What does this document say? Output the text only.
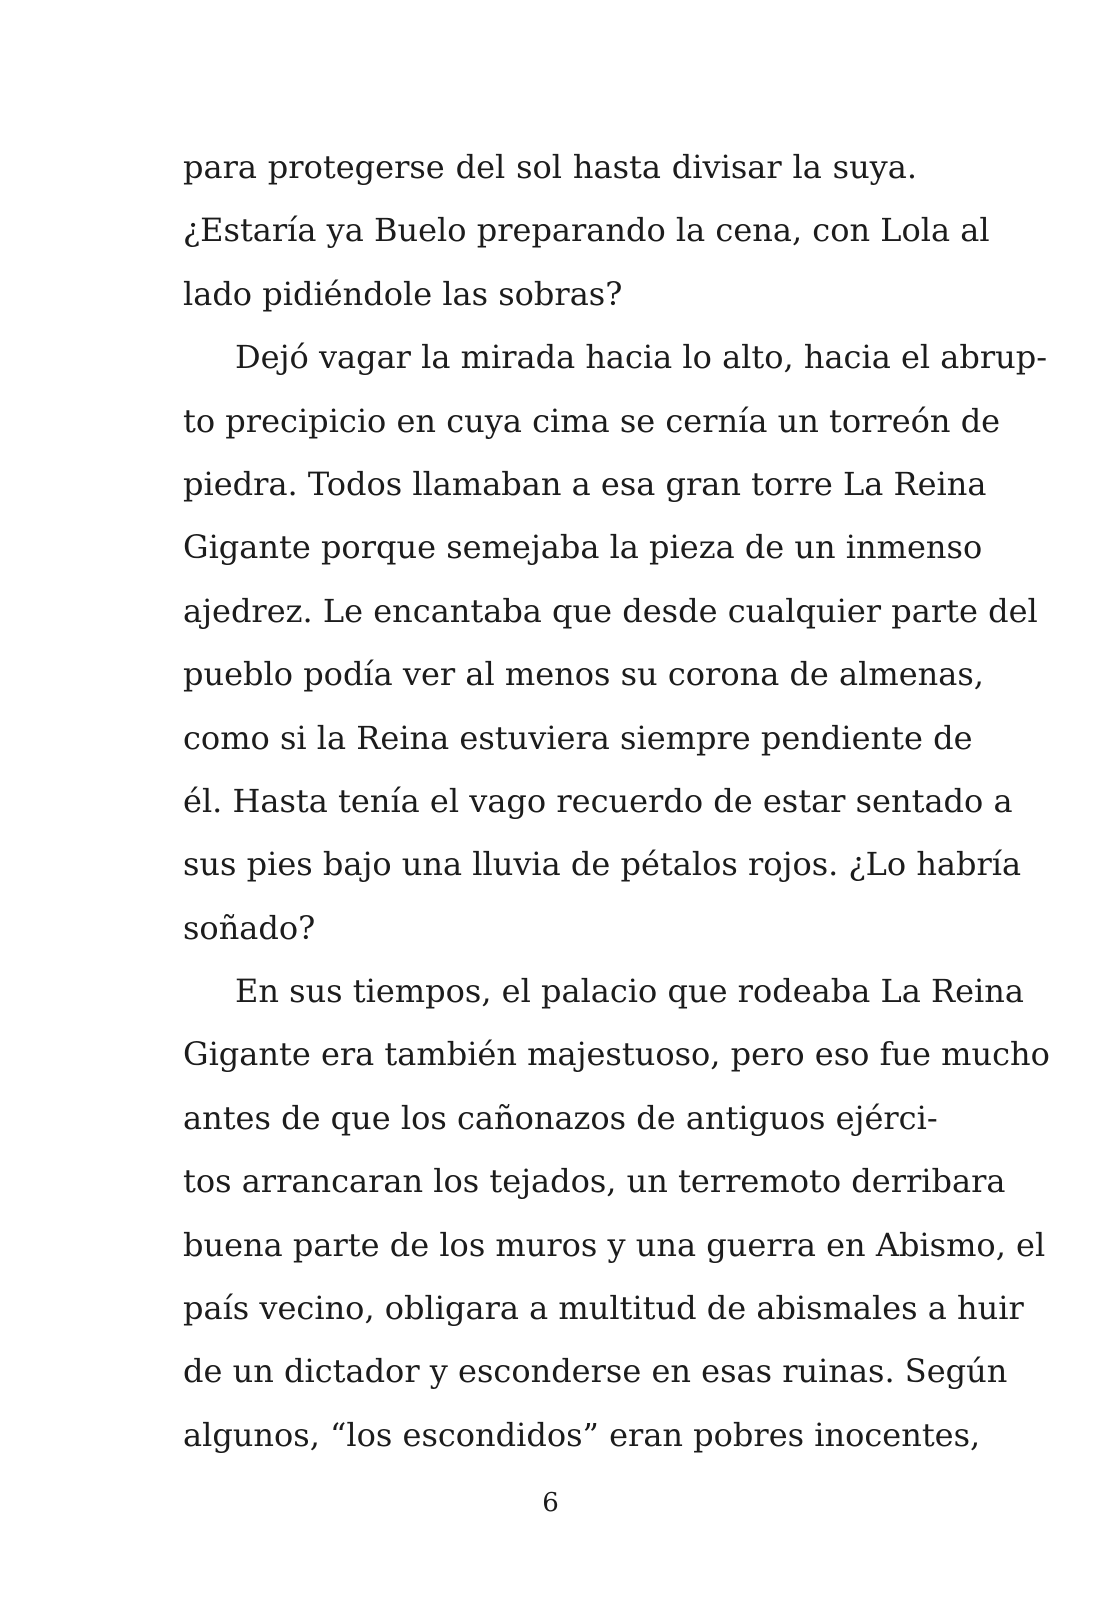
para protegerse del sol hasta divisar la suya.
¿Estaría ya Buelo preparando la cena, con Lola al
lado pidiéndole las sobras?
Dejó vagar la mirada hacia lo alto, hacia el abrup-
to precipicio en cuya cima se cernía un torreón de
piedra. Todos llamaban a esa gran torre La Reina
Gigante porque semejaba la pieza de un inmenso
ajedrez. Le encantaba que desde cualquier parte del
pueblo podía ver al menos su corona de almenas,
como si la Reina estuviera siempre pendiente de
él. Hasta tenía el vago recuerdo de estar sentado a
sus pies bajo una lluvia de pétalos rojos. ¿Lo habría
soñado?
En sus tiempos, el palacio que rodeaba La Reina
Gigante era también majestuoso, pero eso fue mucho
antes de que los cañonazos de antiguos ejérci-
tos arrancaran los tejados, un terremoto derribara
buena parte de los muros y una guerra en Abismo, el
país vecino, obligara a multitud de abismales a huir
de un dictador y esconderse en esas ruinas. Según
algunos, “los escondidos” eran pobres inocentes,
6
